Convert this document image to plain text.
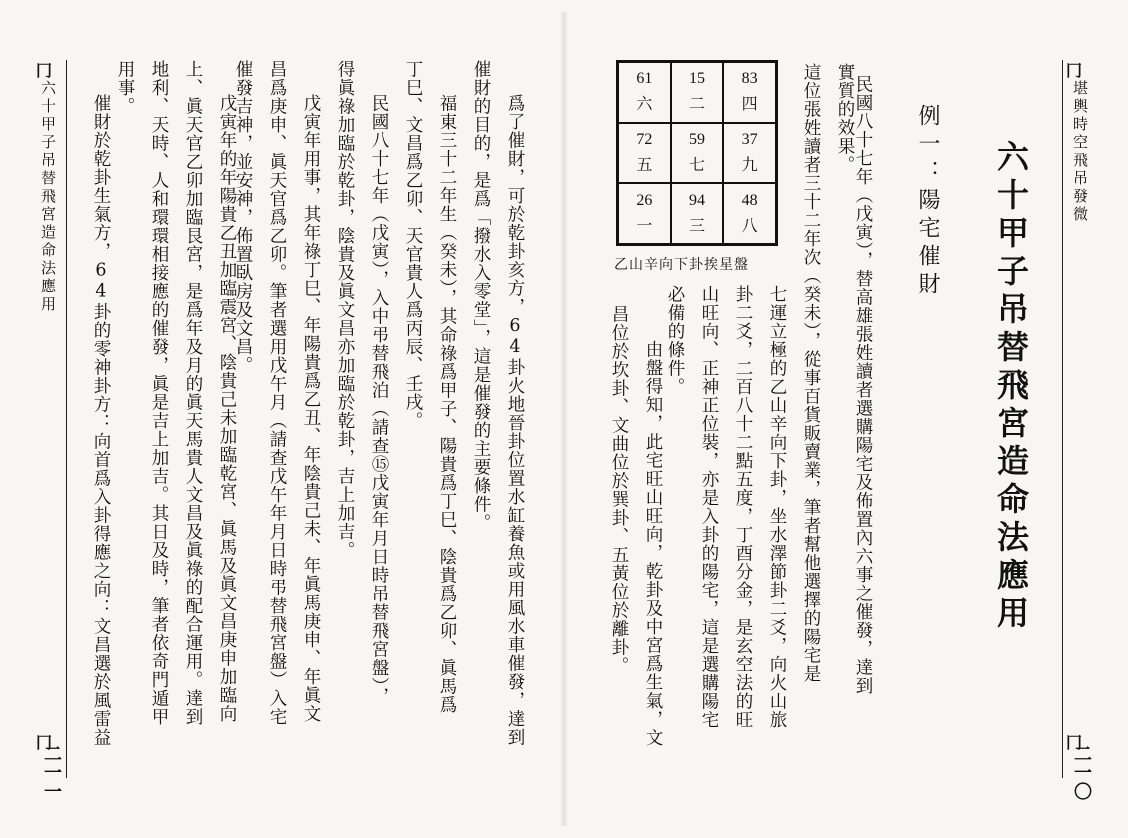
冂
堪輿時空飛吊發微
冂
二一〇
六十甲子吊替飛宮造命法應用
例一：陽宅催財
民國八十七年（戊寅），替高雄張姓讀者選購陽宅及佈置內六事之催發，達到
實質的效果。
這位張姓讀者三十二年次（癸未），從事百貨販賣業，筆者幫他選擇的陽宅是
七運立極的乙山辛向下卦，坐水澤節卦二爻，向火山旅
卦二爻，二百八十二點五度，丁酉分金，是玄空法的旺
山旺向、正神正位裝，亦是入卦的陽宅，這是選購陽宅
必備的條件。
由盤得知，此宅旺山旺向，乾卦及中宮爲生氣，文
昌位於坎卦、文曲位於巽卦、五黃位於離卦。
61
六
15
二
83
四
72
五
59
七
37
九
26
一
94
三
48
八
乙山辛向下卦挨星盤
冂
六十甲子吊替飛宮造命法應用
冂
二一一
爲了催財，可於乾卦亥方，64卦火地晉卦位置水缸養魚或用風水車催發，達到
催財的目的，是爲「撥水入零堂」，這是催發的主要條件。
福東三十二年生（癸未），其命祿爲甲子、陽貴爲丁巳、陰貴爲乙卯、眞馬爲
丁巳、文昌爲乙卯、天官貴人爲丙辰、壬戌。
民國八十七年（戊寅），入中弔替飛泊（請查⑮戊寅年月日時吊替飛宮盤），
得眞祿加臨於乾卦，陰貴及眞文昌亦加臨於乾卦，吉上加吉。
戊寅年用事，其年祿丁巳、年陽貴爲乙丑、年陰貴己未、年眞馬庚申、年眞文
昌爲庚申、眞天官爲乙卯。筆者選用戊午月（請查戊午年月日時弔替飛宮盤）入宅
催發吉神，並安神，佈置臥房及文昌。
戊寅年的年陽貴乙丑加臨震宮、陰貴己未加臨乾宮、眞馬及眞文昌庚申加臨向
上、眞天官乙卯加臨艮宮，是爲年及月的眞天馬貴人文昌及眞祿的配合運用。達到
地利、天時、人和環環相接應的催發，眞是吉上加吉。其日及時，筆者依奇門遁甲
用事。
催財於乾卦生氣方，64卦的零神卦方：向首爲入卦得應之向：文昌選於風雷益
